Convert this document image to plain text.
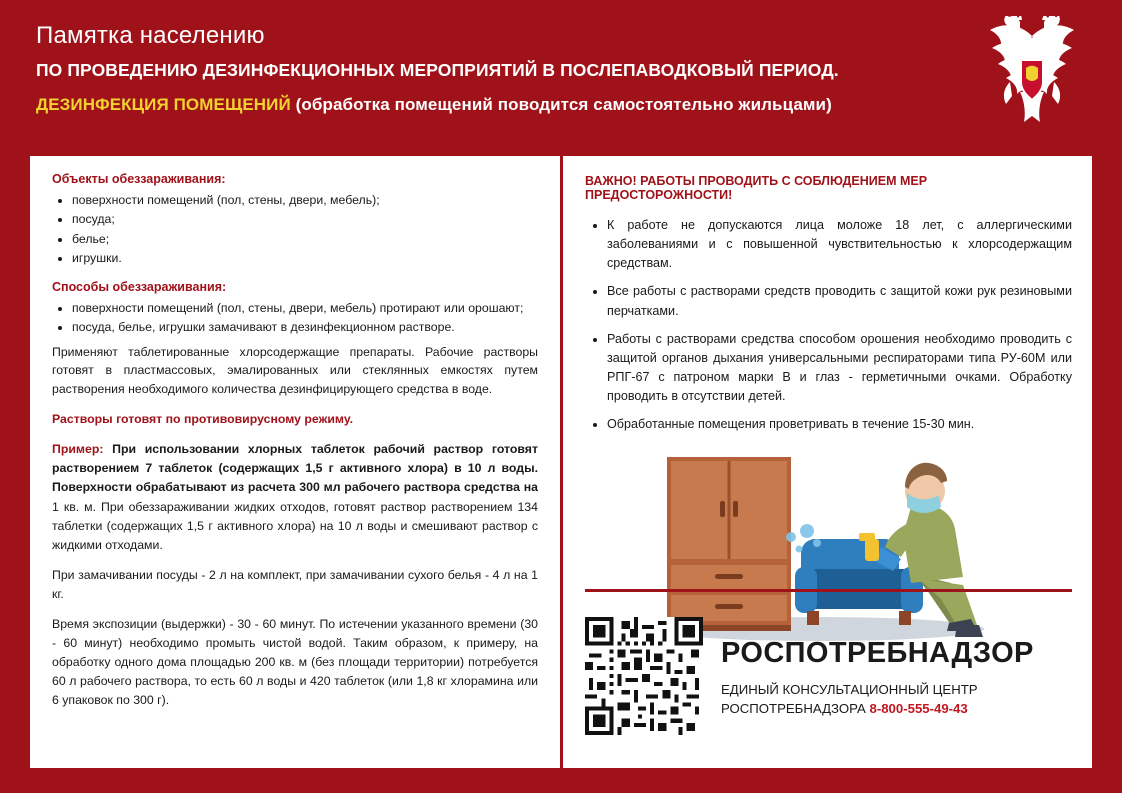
Памятка населению
ПО ПРОВЕДЕНИЮ ДЕЗИНФЕКЦИОННЫХ МЕРОПРИЯТИЙ В ПОСЛЕПАВОДКОВЫЙ ПЕРИОД.
ДЕЗИНФЕКЦИЯ ПОМЕЩЕНИЙ (обработка помещений поводится самостоятельно жильцами)
Объекты обеззараживания:
• поверхности помещений (пол, стены, двери, мебель);
• посуда;
• белье;
• игрушки.
Способы обеззараживания:
• поверхности помещений (пол, стены, двери, мебель) протирают или орошают;
• посуда, белье, игрушки замачивают в дезинфекционном растворе.

Применяют таблетированные хлорсодержащие препараты. Рабочие растворы готовят в пластмассовых, эмалированных или стеклянных емкостях путем растворения необходимого количества дезинфицирующего средства в воде.

Растворы готовят по противовирусному режиму.

Пример: При использовании хлорных таблеток рабочий раствор готовят растворением 7 таблеток (содержащих 1,5 г активного хлора) в 10 л воды. Поверхности обрабатывают из расчета 300 мл рабочего раствора средства на 1 кв. м. При обеззараживании жидких отходов, готовят раствор растворением 134 таблетки (содержащих 1,5 г активного хлора) на 10 л воды и смешивают раствор с жидкими отходами.

При замачивании посуды - 2 л на комплект, при замачивании сухого белья - 4 л на 1 кг.

Время экспозиции (выдержки) - 30 - 60 минут. По истечении указанного времени (30 - 60 минут) необходимо промыть чистой водой. Таким образом, к примеру, на обработку одного дома площадью 200 кв. м (без площади территории) потребуется 60 л рабочего раствора, то есть 60 л воды и 420 таблеток (или 1,8 кг хлорамина или 6 упаковок по 300 г).

ВАЖНО! РАБОТЫ ПРОВОДИТЬ С СОБЛЮДЕНИЕМ МЕР ПРЕДОСТОРОЖНОСТИ!
• К работе не допускаются лица моложе 18 лет, с аллергическими заболеваниями и с повышенной чувствительностью к хлорсодержащим средствам.
• Все работы с растворами средств проводить с защитой кожи рук резиновыми перчатками.
• Работы с растворами средства способом орошения необходимо проводить с защитой органов дыхания универсальными респираторами типа РУ-60М или РПГ-67 с патроном марки В и глаз - герметичными очками. Обработку проводить в отсутствии детей.
• Обработанные помещения проветривать в течение 15-30 мин.
РОСПОТРЕБНАДЗОР
ЕДИНЫЙ КОНСУЛЬТАЦИОННЫЙ ЦЕНТР
РОСПОТРЕБНАДЗОРА 8-800-555-49-43
